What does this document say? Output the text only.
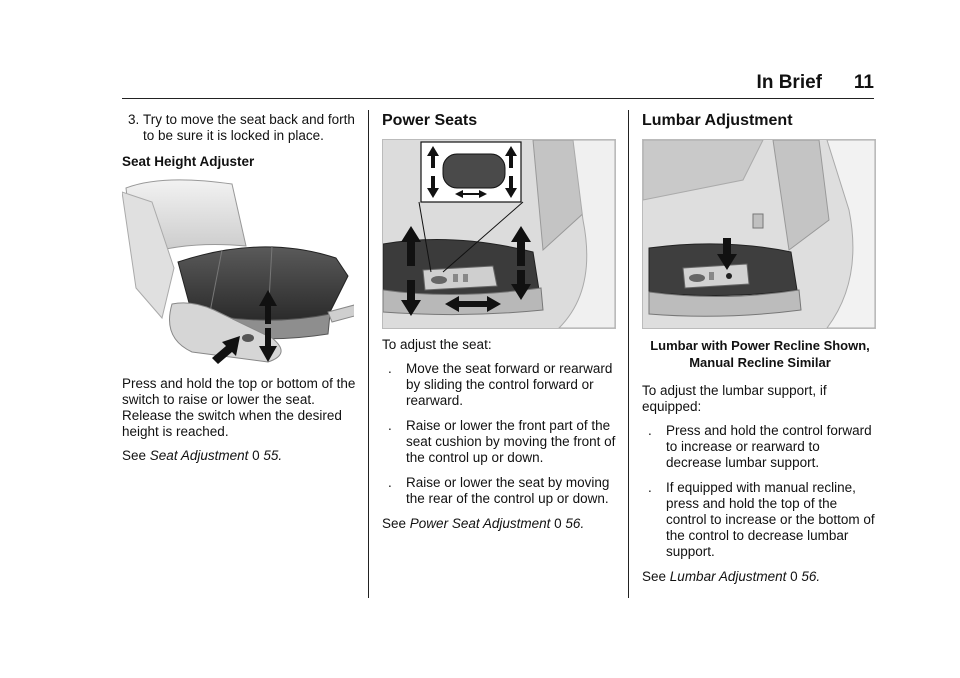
In Brief 11
3. Try to move the seat back and forth to be sure it is locked in place.
Seat Height Adjuster

Press and hold the top or bottom of the switch to raise or lower the seat. Release the switch when the desired height is reached.

See Seat Adjustment 0 55.

Power Seats

To adjust the seat:

. Move the seat forward or rearward by sliding the control forward or rearward.
. Raise or lower the front part of the seat cushion by moving the front of the control up or down.
. Raise or lower the seat by moving the rear of the control up or down.

See Power Seat Adjustment 0 56.

Lumbar Adjustment
Lumbar with Power Recline Shown, Manual Recline Similar

To adjust the lumbar support, if equipped:

. Press and hold the control forward to increase or rearward to decrease lumbar support.
. If equipped with manual recline, press and hold the top of the control to increase or the bottom of the control to decrease lumbar support.

See Lumbar Adjustment 0 56.
